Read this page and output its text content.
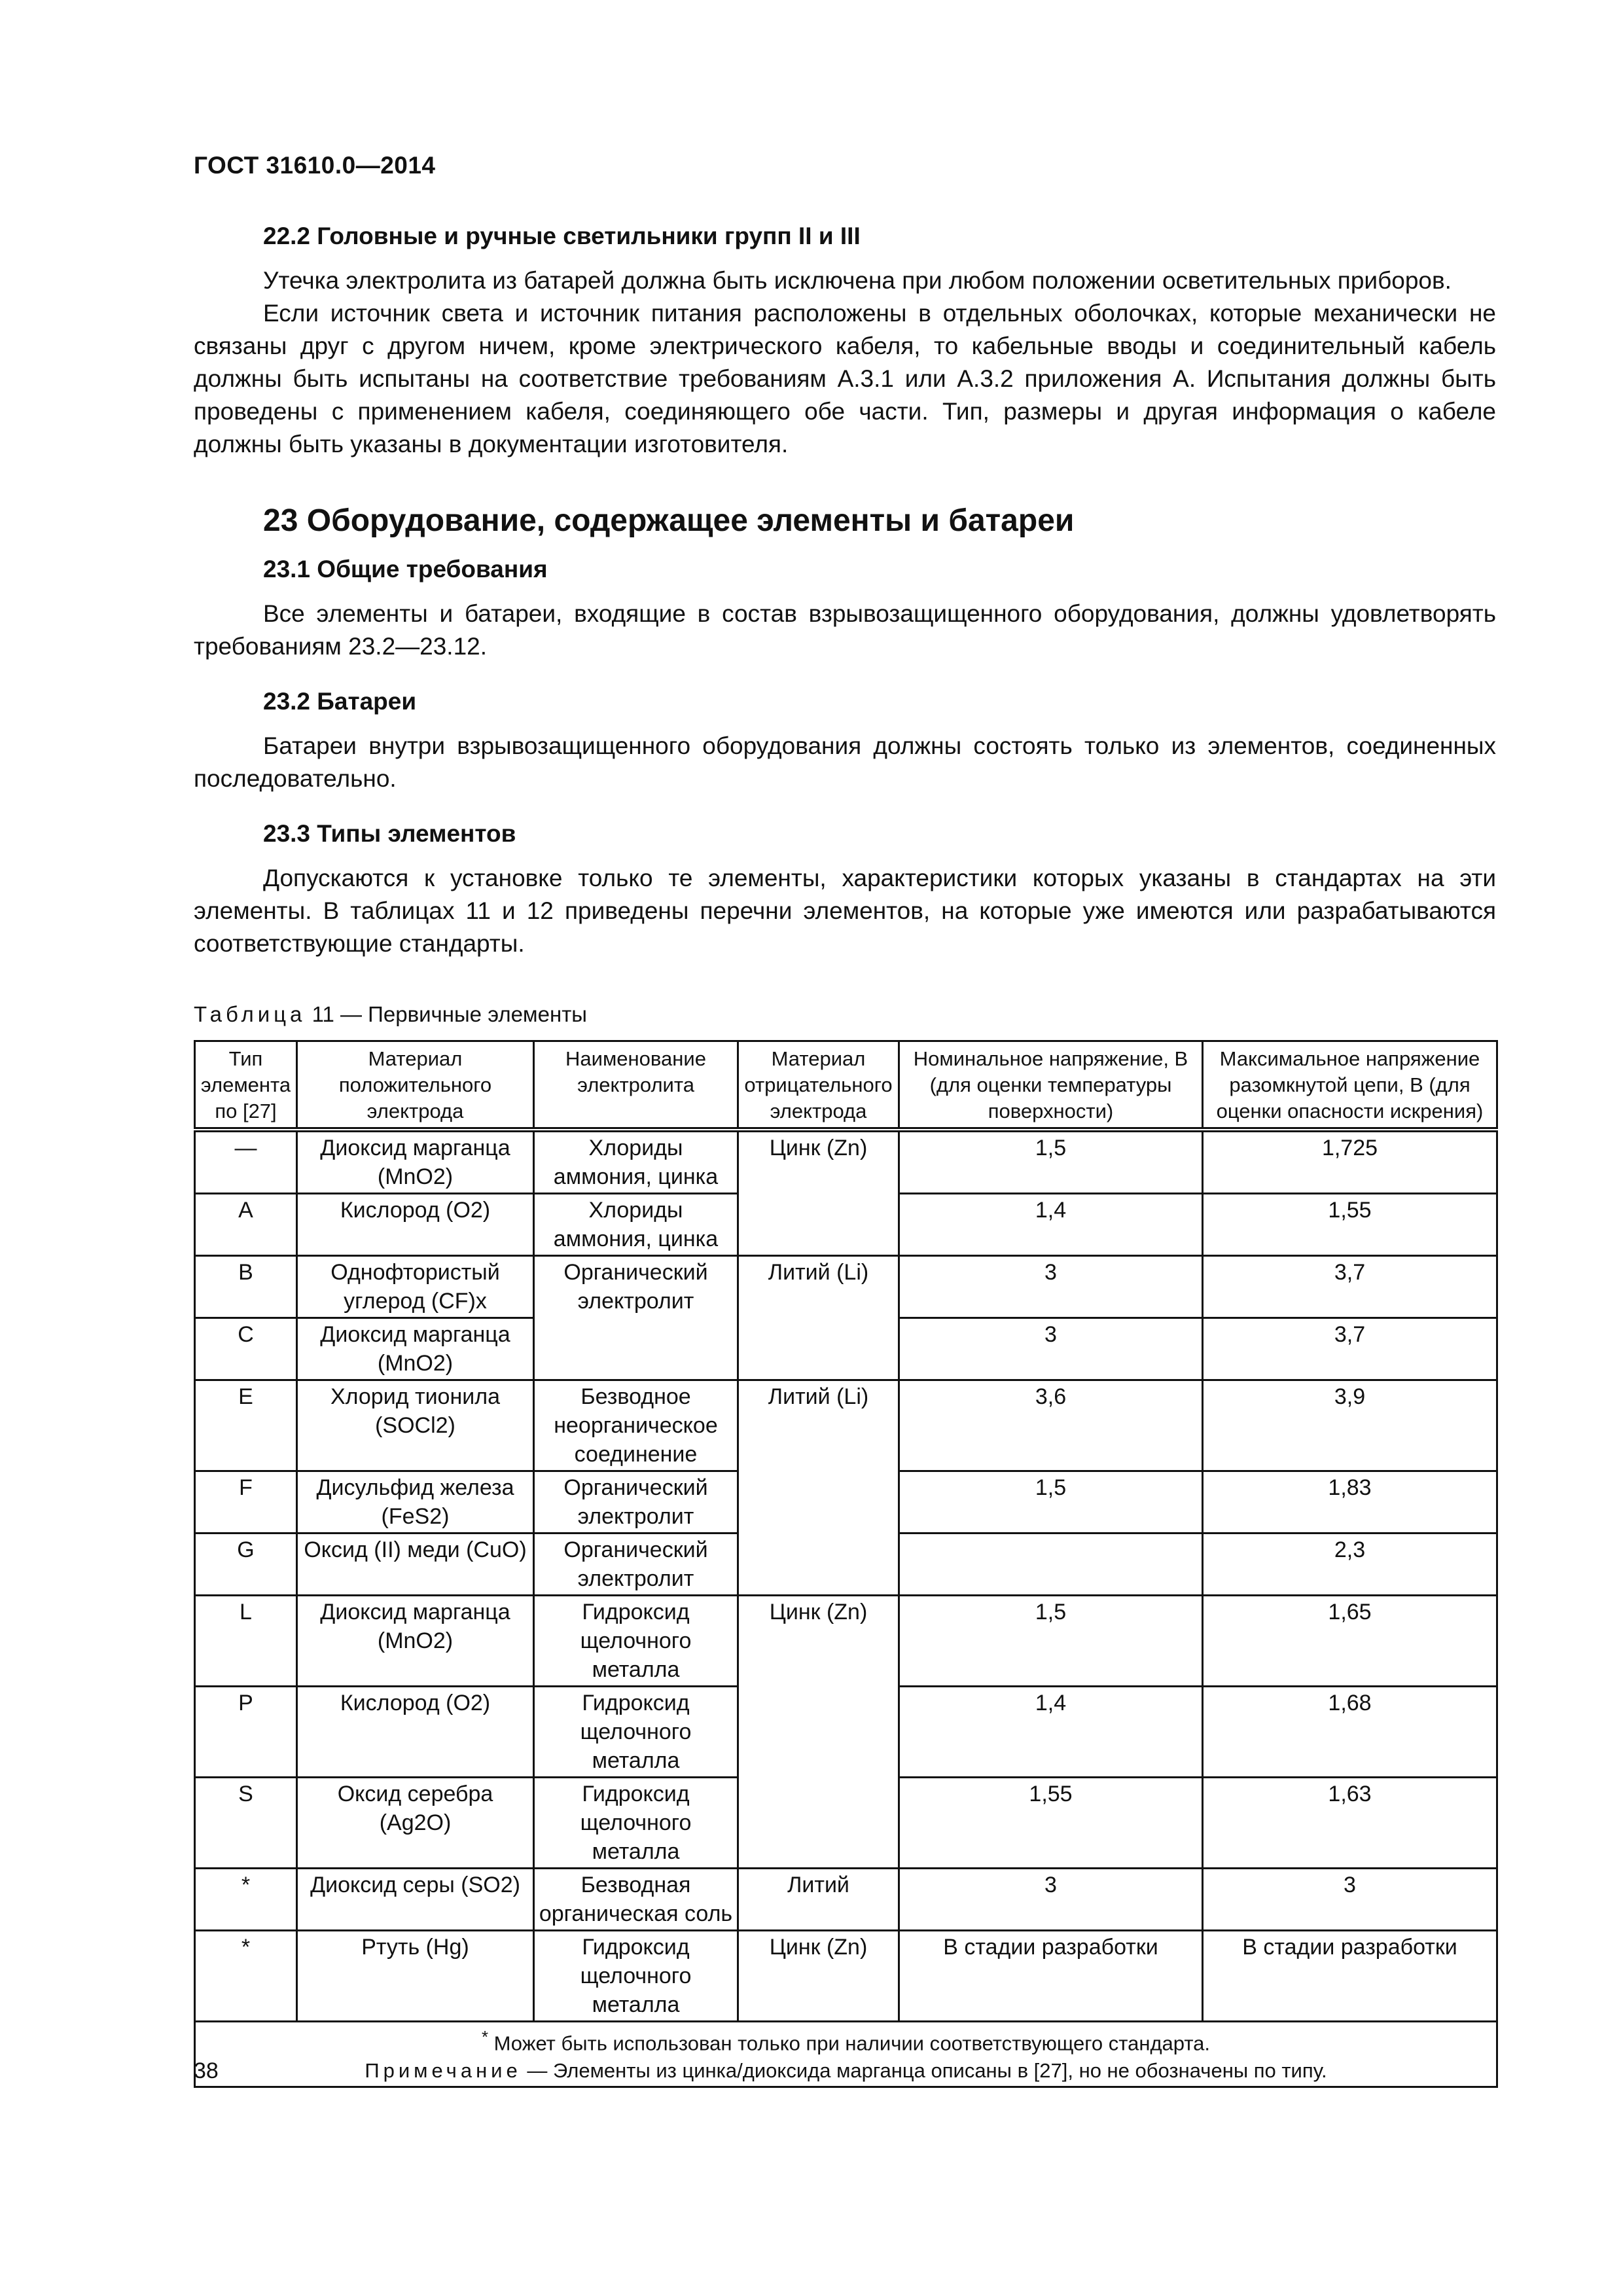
ГОСТ 31610.0—2014
22.2 Головные и ручные светильники групп II и III

Утечка электролита из батарей должна быть исключена при любом положении осветительных приборов.

Если источник света и источник питания расположены в отдельных оболочках, которые механически не связаны друг с другом ничем, кроме электрического кабеля, то кабельные вводы и соединительный кабель должны быть испытаны на соответствие требованиям А.3.1 или А.3.2 приложения А. Испытания должны быть проведены с применением кабеля, соединяющего обе части. Тип, размеры и другая информация о кабеле должны быть указаны в документации изготовителя.

23 Оборудование, содержащее элементы и батареи
23.1 Общие требования

Все элементы и батареи, входящие в состав взрывозащищенного оборудования, должны удовлетворять требованиям 23.2—23.12.

23.2 Батареи

Батареи внутри взрывозащищенного оборудования должны состоять только из элементов, соединенных последовательно.

23.3 Типы элементов

Допускаются к установке только те элементы, характеристики которых указаны в стандартах на эти элементы. В таблицах 11 и 12 приведены перечни элементов, на которые уже имеются или разрабатываются соответствующие стандарты.

Таблица 11 — Первичные элементы
Тип элемента по [27]	Материал положительного электрода	Наименование электролита	Материал отрицательного электрода	Номинальное напряжение, В (для оценки температуры поверхности)	Максимальное напряжение разомкнутой цепи, В (для оценки опасности искрения)
—	Диоксид марганца (MnO2)	Хлориды аммония, цинка	Цинк (Zn)	1,5	1,725
A	Кислород (O2)	Хлориды аммония, цинка		1,4	1,55
B	Однофтористый углерод (CF)x	Органический электролит	Литий (Li)	3	3,7
C	Диоксид марганца (MnO2)			3	3,7
E	Хлорид тионила (SOCl2)	Безводное неорганическое соединение	Литий (Li)	3,6	3,9
F	Дисульфид железа (FeS2)	Органический электролит		1,5	1,83
G	Оксид (II) меди (CuO)	Органический электролит			2,3
L	Диоксид марганца (MnO2)	Гидроксид щелочного металла	Цинк (Zn)	1,5	1,65
P	Кислород (O2)	Гидроксид щелочного металла		1,4	1,68
S	Оксид серебра (Ag2O)	Гидроксид щелочного металла		1,55	1,63
*	Диоксид серы (SO2)	Безводная органическая соль	Литий	3	3
*	Ртуть (Hg)	Гидроксид щелочного металла	Цинк (Zn)	В стадии разработки	В стадии разработки

* Может быть использован только при наличии соответствующего стандарта.
Примечание — Элементы из цинка/диоксида марганца описаны в [27], но не обозначены по типу.					
38
